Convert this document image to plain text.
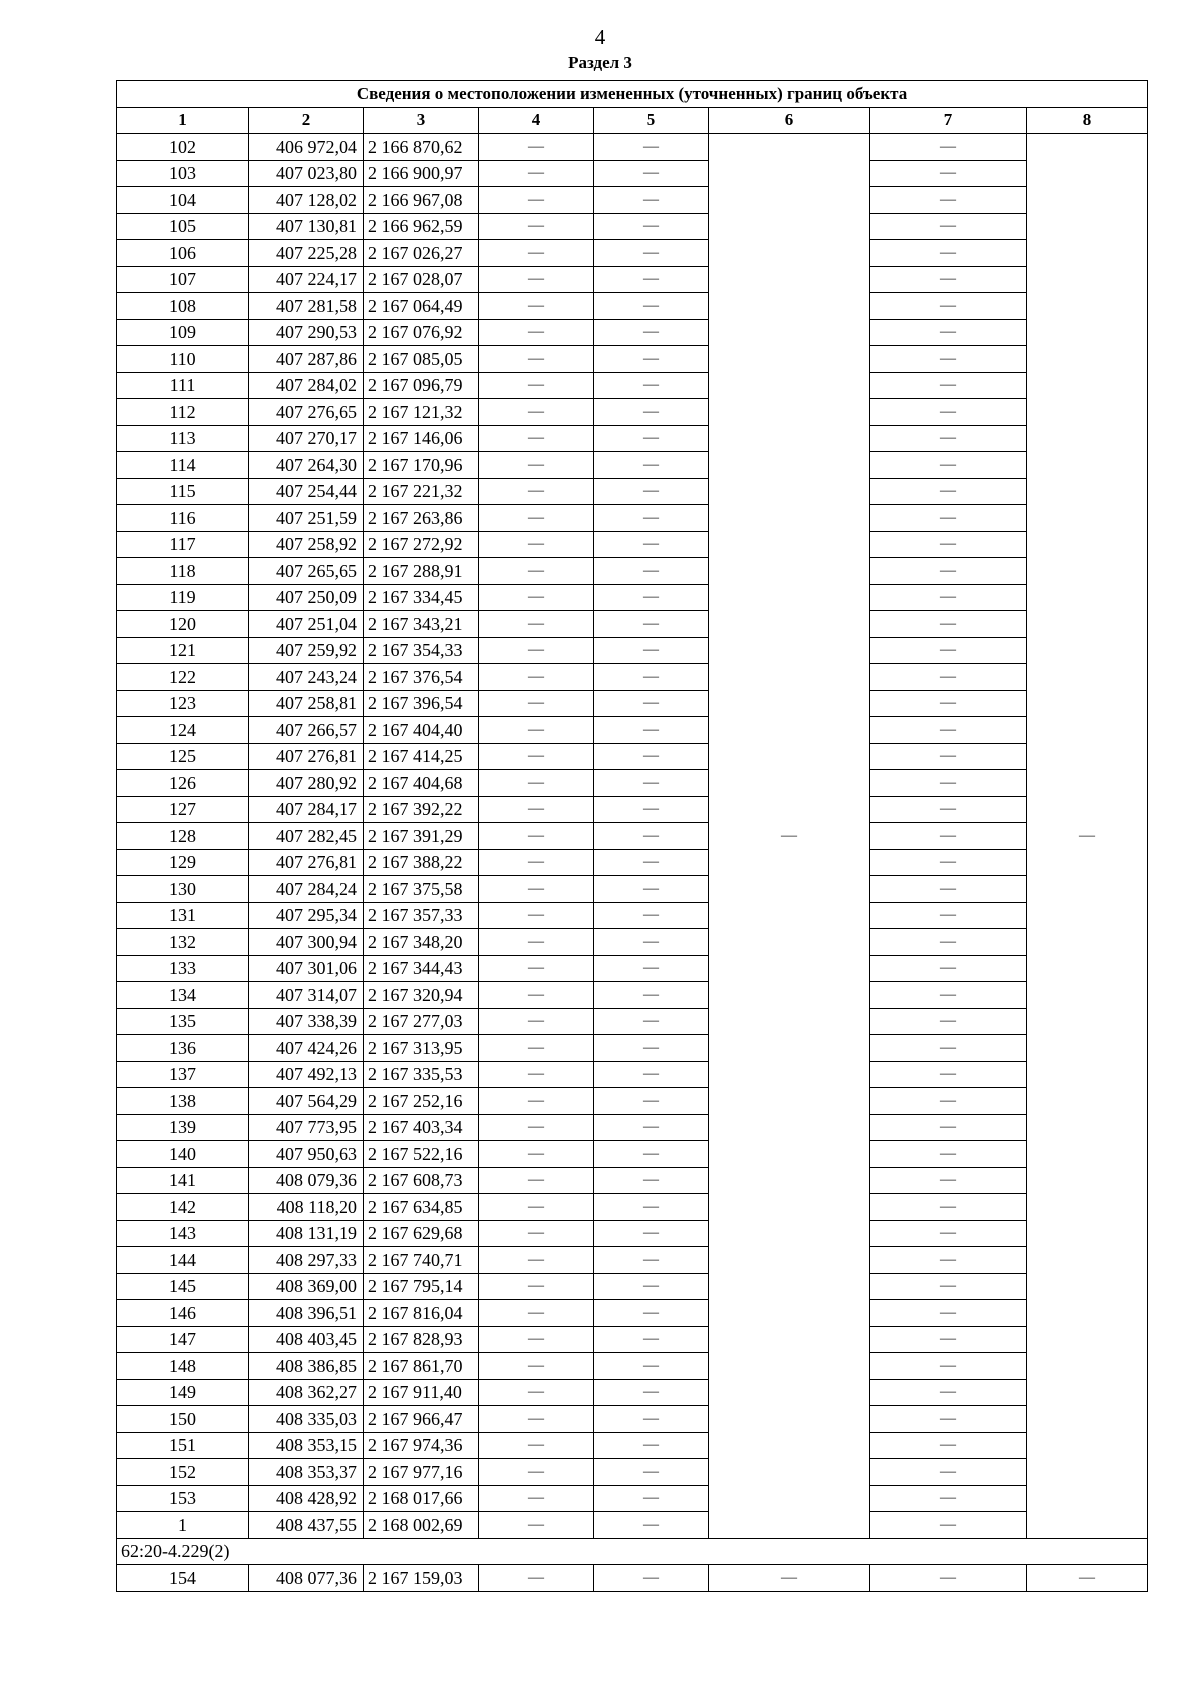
4
Раздел 3
Сведения о местоположении измененных (уточненных) границ объекта							
1	2	3	4	5	6	7	8
102	406 972,04	2 166 870,62	—	—	—	—	—
103	407 023,80	2 166 900,97	—	—		—	
104	407 128,02	2 166 967,08	—	—		—	
105	407 130,81	2 166 962,59	—	—		—	
106	407 225,28	2 167 026,27	—	—		—	
107	407 224,17	2 167 028,07	—	—		—	
108	407 281,58	2 167 064,49	—	—		—	
109	407 290,53	2 167 076,92	—	—		—	
110	407 287,86	2 167 085,05	—	—		—	
111	407 284,02	2 167 096,79	—	—		—	
112	407 276,65	2 167 121,32	—	—		—	
113	407 270,17	2 167 146,06	—	—		—	
114	407 264,30	2 167 170,96	—	—		—	
115	407 254,44	2 167 221,32	—	—		—	
116	407 251,59	2 167 263,86	—	—		—	
117	407 258,92	2 167 272,92	—	—		—	
118	407 265,65	2 167 288,91	—	—		—	
119	407 250,09	2 167 334,45	—	—		—	
120	407 251,04	2 167 343,21	—	—		—	
121	407 259,92	2 167 354,33	—	—		—	
122	407 243,24	2 167 376,54	—	—		—	
123	407 258,81	2 167 396,54	—	—		—	
124	407 266,57	2 167 404,40	—	—		—	
125	407 276,81	2 167 414,25	—	—		—	
126	407 280,92	2 167 404,68	—	—		—	
127	407 284,17	2 167 392,22	—	—		—	
128	407 282,45	2 167 391,29	—	—		—	
129	407 276,81	2 167 388,22	—	—		—	
130	407 284,24	2 167 375,58	—	—		—	
131	407 295,34	2 167 357,33	—	—		—	
132	407 300,94	2 167 348,20	—	—		—	
133	407 301,06	2 167 344,43	—	—		—	
134	407 314,07	2 167 320,94	—	—		—	
135	407 338,39	2 167 277,03	—	—		—	
136	407 424,26	2 167 313,95	—	—		—	
137	407 492,13	2 167 335,53	—	—		—	
138	407 564,29	2 167 252,16	—	—		—	
139	407 773,95	2 167 403,34	—	—		—	
140	407 950,63	2 167 522,16	—	—		—	
141	408 079,36	2 167 608,73	—	—		—	
142	408 118,20	2 167 634,85	—	—		—	
143	408 131,19	2 167 629,68	—	—		—	
144	408 297,33	2 167 740,71	—	—		—	
145	408 369,00	2 167 795,14	—	—		—	
146	408 396,51	2 167 816,04	—	—		—	
147	408 403,45	2 167 828,93	—	—		—	
148	408 386,85	2 167 861,70	—	—		—	
149	408 362,27	2 167 911,40	—	—		—	
150	408 335,03	2 167 966,47	—	—		—	
151	408 353,15	2 167 974,36	—	—		—	
152	408 353,37	2 167 977,16	—	—		—	
153	408 428,92	2 168 017,66	—	—		—	
1	408 437,55	2 168 002,69	—	—		—	
62:20-4.229(2)							
154	408 077,36	2 167 159,03	—	—	—	—	—
